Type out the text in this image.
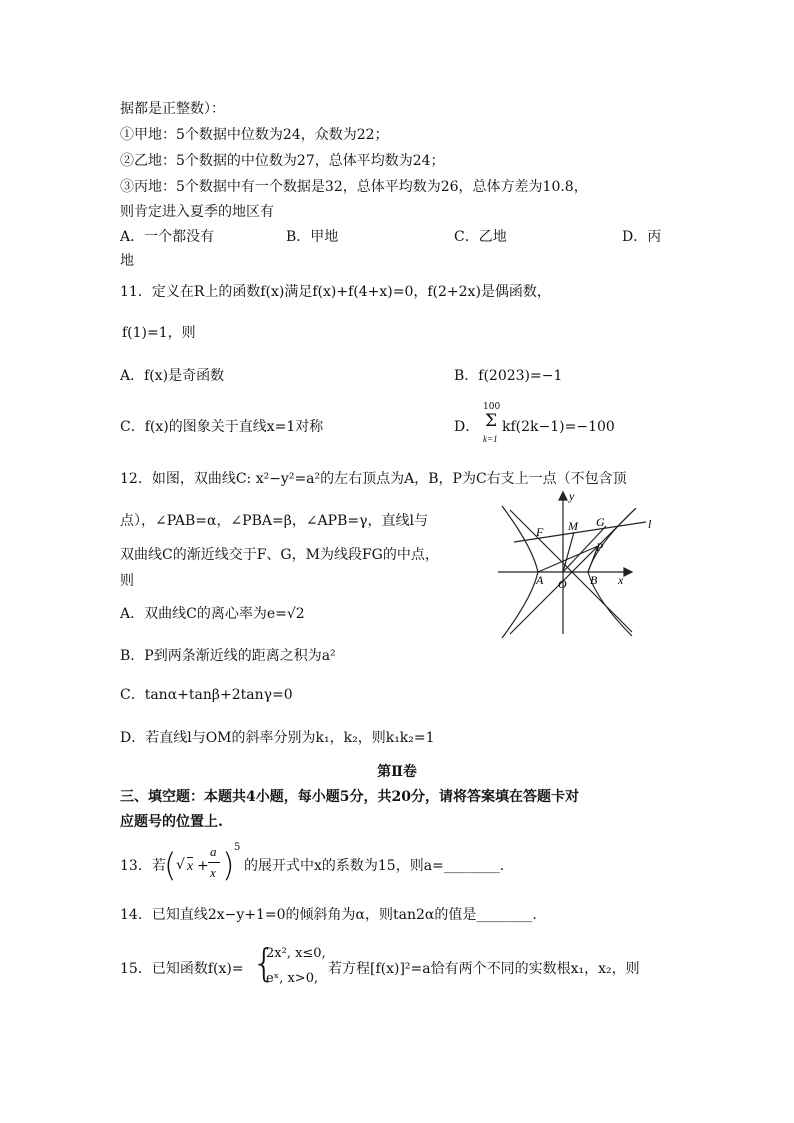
据都是正整数）：
①甲地：5个数据中位数为24，众数为22；
②乙地：5个数据的中位数为27，总体平均数为24；
③丙地：5个数据中有一个数据是32，总体平均数为26，总体方差为10.8，
则肯定进入夏季的地区有
A．一个都没有	B．甲地	C．乙地	D．丙
地
11．定义在R上的函数f(x)满足f(x)+f(4+x)=0，f(2+2x)是偶函数，
f(1)=1，则
A．f(x)是奇函数	B．f(2023)=−1
C．f(x)的图象关于直线x=1对称	D．
100
Σ
k=1
kf(2k−1)=−100
12．如图，双曲线C: x²−y²=a²的左右顶点为A，B，P为C右支上一点（不包含顶
点），∠PAB=α，∠PBA=β，∠APB=γ，直线l与
双曲线C的渐近线交于F、G，M为线段FG的中点，
则
A．双曲线C的离心率为e=√2
B．P到两条渐近线的距离之积为a²
C．tanα+tanβ+2tanγ=0
D．若直线l与OM的斜率分别为k₁，k₂，则k₁k₂=1
y
x
F M G	l
P
A O B
第Ⅱ卷
三、填空题：本题共4小题，每小题5分，共20分，请将答案填在答题卡对
应题号的位置上.
13．若
( √ x +
a
x ) 5
的展开式中x的系数为15，则a=________.
14．已知直线2x−y+1=0的倾斜角为α，则tan2α的值是________.
15．已知函数f(x)= {
2x², x≤0,
eˣ, x>0,
若方程[f(x)]²=a恰有两个不同的实数根x₁，x₂，则
